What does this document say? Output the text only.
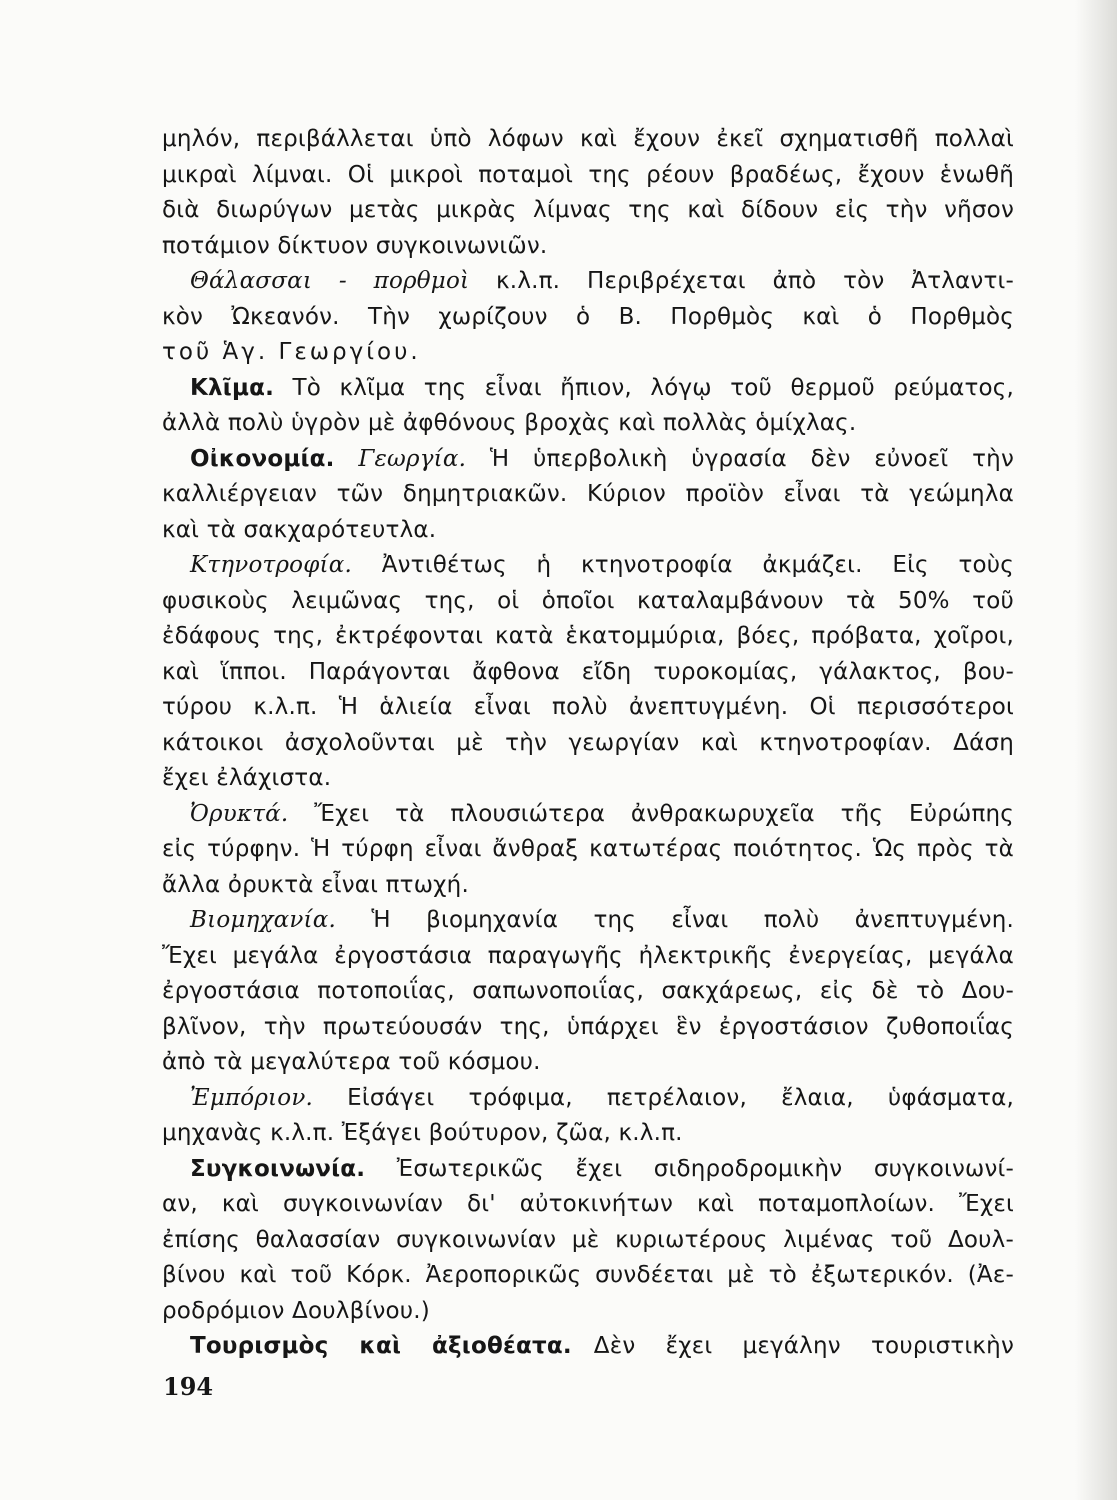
μηλόν, περιβάλλεται ὑπὸ λόφων καὶ ἔχουν ἐκεῖ σχηματισθῆ πολλαὶ
μικραὶ λίμναι. Οἱ μικροὶ ποταμοὶ της ρέουν βραδέως, ἔχουν ἑνωθῆ
διὰ διωρύγων μετὰς μικρὰς λίμνας της καὶ δίδουν εἰς τὴν νῆσον
ποτάμιον δίκτυον συγκοινωνιῶν.
Θάλασσαι - πορθμοὶ κ.λ.π. Περιβρέχεται ἀπὸ τὸν Ἀτλαντι-
κὸν Ὠκεανόν. Τὴν χωρίζουν ὁ Β. Πορθμὸς καὶ ὁ Πορθμὸς
τοῦ Ἁγ. Γεωργίου.
Κλῖμα. Τὸ κλῖμα της εἶναι ἤπιον, λόγῳ τοῦ θερμοῦ ρεύματος,
ἀλλὰ πολὺ ὑγρὸν μὲ ἀφθόνους βροχὰς καὶ πολλὰς ὁμίχλας.
Οἰκονομία. Γεωργία. Ἡ ὑπερβολικὴ ὑγρασία δὲν εὐνοεῖ τὴν
καλλιέργειαν τῶν δημητριακῶν. Κύριον προϊὸν εἶναι τὰ γεώμηλα
καὶ τὰ σακχαρότευτλα.
Κτηνοτροφία. Ἀντιθέτως ἡ κτηνοτροφία ἀκμάζει. Εἰς τοὺς
φυσικοὺς λειμῶνας της, οἱ ὁποῖοι καταλαμβάνουν τὰ 50% τοῦ
ἐδάφους της, ἐκτρέφονται κατὰ ἑκατομμύρια, βόες, πρόβατα, χοῖροι,
καὶ ἵπποι. Παράγονται ἄφθονα εἴδη τυροκομίας, γάλακτος, βου-
τύρου κ.λ.π. Ἡ ἁλιεία εἶναι πολὺ ἀνεπτυγμένη. Οἱ περισσότεροι
κάτοικοι ἀσχολοῦνται μὲ τὴν γεωργίαν καὶ κτηνοτροφίαν. Δάση
ἔχει ἐλάχιστα.
Ὀρυκτά. Ἔχει τὰ πλουσιώτερα ἀνθρακωρυχεῖα τῆς Εὐρώπης
εἰς τύρφην. Ἡ τύρφη εἶναι ἄνθραξ κατωτέρας ποιότητος. Ὡς πρὸς τὰ
ἄλλα ὀρυκτὰ εἶναι πτωχή.
Βιομηχανία. Ἡ βιομηχανία της εἶναι πολὺ ἀνεπτυγμένη.
Ἔχει μεγάλα ἐργοστάσια παραγωγῆς ἠλεκτρικῆς ἐνεργείας, μεγάλα
ἐργοστάσια ποτοποιΐας, σαπωνοποιΐας, σακχάρεως, εἰς δὲ τὸ Δου-
βλῖνον, τὴν πρωτεύουσάν της, ὑπάρχει ἓν ἐργοστάσιον ζυθοποιΐας
ἀπὸ τὰ μεγαλύτερα τοῦ κόσμου.
Ἐμπόριον. Εἰσάγει τρόφιμα, πετρέλαιον, ἔλαια, ὑφάσματα,
μηχανὰς κ.λ.π. Ἐξάγει βούτυρον, ζῶα, κ.λ.π.
Συγκοινωνία. Ἐσωτερικῶς ἔχει σιδηροδρομικὴν συγκοινωνί-
αν, καὶ συγκοινωνίαν δι' αὐτοκινήτων καὶ ποταμοπλοίων. Ἔχει
ἐπίσης θαλασσίαν συγκοινωνίαν μὲ κυριωτέρους λιμένας τοῦ Δουλ-
βίνου καὶ τοῦ Κόρκ. Ἀεροπορικῶς συνδέεται μὲ τὸ ἐξωτερικόν. (Ἀε-
ροδρόμιον Δουλβίνου.)
Τουρισμὸς καὶ ἀξιοθέατα. Δὲν ἔχει μεγάλην τουριστικὴν
194
